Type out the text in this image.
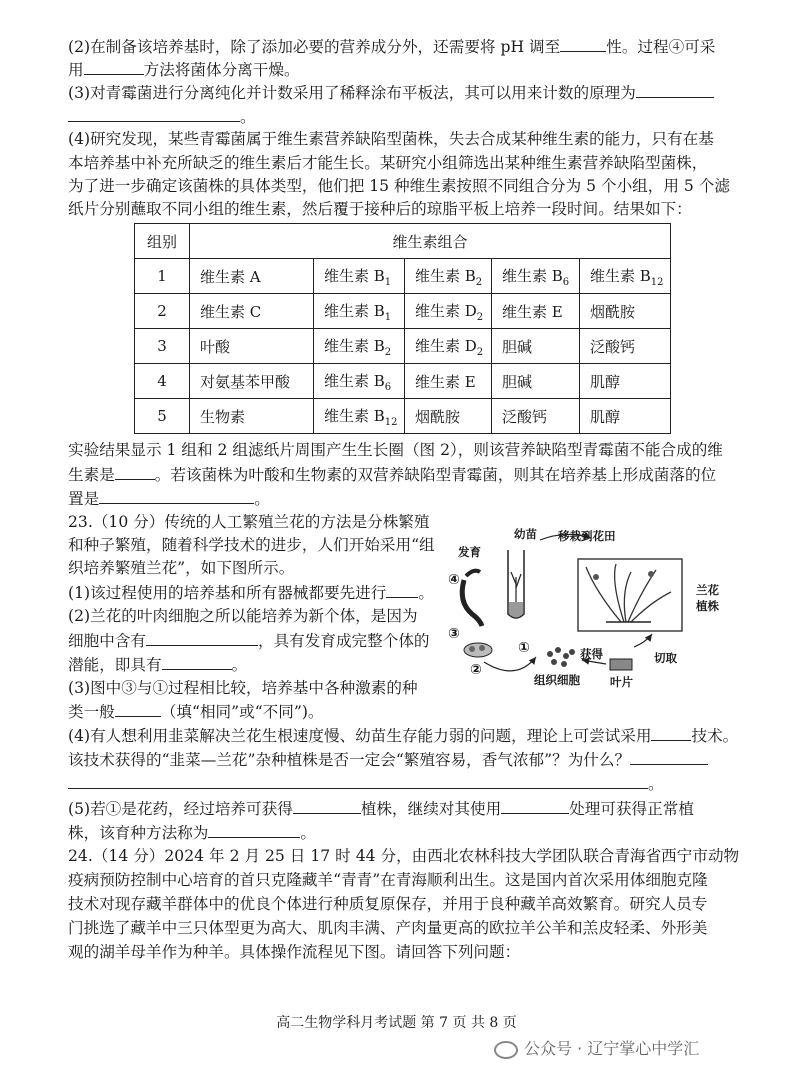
(2)在制备该培养基时，除了添加必要的营养成分外，还需要将 pH 调至	性。过程④可采
用	方法将菌体分离干燥。
(3)对青霉菌进行分离纯化并计数采用了稀释涂布平板法，其可以用来计数的原理为
。
(4)研究发现，某些青霉菌属于维生素营养缺陷型菌株，失去合成某种维生素的能力，只有在基
本培养基中补充所缺乏的维生素后才能生长。某研究小组筛选出某种维生素营养缺陷型菌株，
为了进一步确定该菌株的具体类型，他们把 15 种维生素按照不同组合分为 5 个小组，用 5 个滤
纸片分别蘸取不同小组的维生素，然后覆于接种后的琼脂平板上培养一段时间。结果如下：
组别	维生素组合				
1	维生素 A	维生素 $B_1$	维生素 $B_2$	维生素 $B_6$	维生素 $B_{12}$
2	维生素 C	维生素 $B_1$	维生素 $D_2$	维生素 E	烟酰胺
3	叶酸	维生素 $B_2$	维生素 $D_2$	胆碱	泛酸钙
4	对氨基苯甲酸	维生素 $B_6$	维生素 E	胆碱	肌醇
5	生物素	维生素 $B_{12}$	烟酰胺	泛酸钙	肌醇
实验结果显示 1 组和 2 组滤纸片周围产生生长圈（图 2），则该营养缺陷型青霉菌不能合成的维
生素是	。若该菌株为叶酸和生物素的双营养缺陷型青霉菌，则其在培养基上形成菌落的位
置是	。
23.（10 分）传统的人工繁殖兰花的方法是分株繁殖
和种子繁殖，随着科学技术的进步，人们开始采用“组
织培养繁殖兰花”，如下图所示。
(1)该过程使用的培养基和所有器械都要先进行 。
(2)兰花的叶肉细胞之所以能培养为新个体，是因为
细胞中含有	，具有发育成完整个体的
潜能，即具有	。
(3)图中③与①过程相比较，培养基中各种激素的种
类一般	（填“相同”或“不同”)。
(4)有人想利用韭菜解决兰花生根速度慢、幼苗生存能力弱的问题，理论上可尝试采用	技术。
该技术获得的“韭菜—兰花”杂种植株是否一定会“繁殖容易，香气浓郁”？为什么？
。
(5)若①是花药，经过培养可获得	植株，继续对其使用	处理可获得正常植
株，该育种方法称为	。
幼苗 移栽到花田
发育
兰花
植株
获得	切取
组织细胞	叶片
①
②
③
④
24.（14 分）2024 年 2 月 25 日 17 时 44 分，由西北农林科技大学团队联合青海省西宁市动物
疫病预防控制中心培育的首只克隆藏羊“青青”在青海顺利出生。这是国内首次采用体细胞克隆
技术对现存藏羊群体中的优良个体进行种质复原保存，并用于良种藏羊高效繁育。研究人员专
门挑选了藏羊中三只体型更为高大、肌肉丰满、产肉量更高的欧拉羊公羊和羔皮轻柔、外形美
观的湖羊母羊作为种羊。具体操作流程见下图。请回答下列问题：
高二生物学科月考试题 第 7 页 共 8 页
公众号 · 辽宁掌心中学汇
